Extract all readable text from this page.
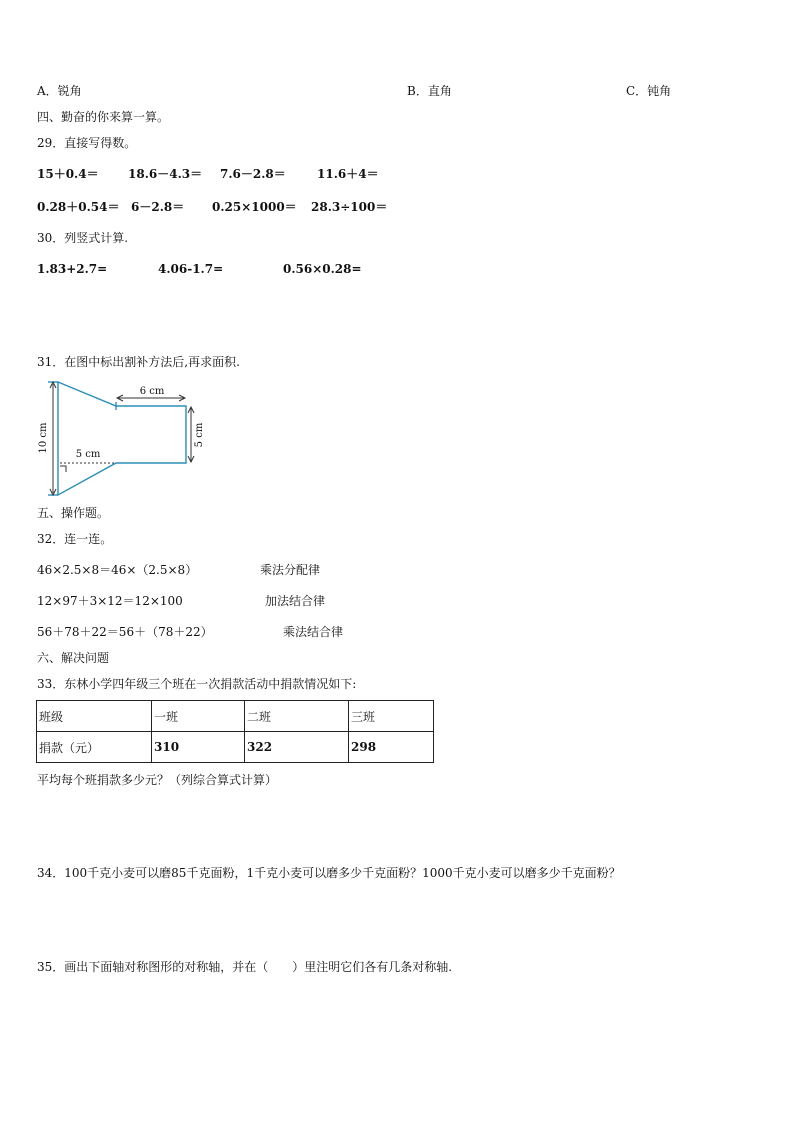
A．锐角	B．直角	C．钝角
四、勤奋的你来算一算。
29．直接写得数。
15＋0.4＝ 18.6－4.3＝ 7.6－2.8＝	11.6＋4＝
0.28＋0.54＝ 6－2.8＝ 0.25×1000＝ 28.3÷100＝
30．列竖式计算.
1.83+2.7=	4.06-1.7=	0.56×0.28=
31．在图中标出割补方法后,再求面积.
6 cm
5 cm
10 cm	5 cm
五、操作题。
32．连一连。
46×2.5×8＝46×（2.5×8）	乘法分配律
12×97＋3×12＝12×100	加法结合律
56＋78＋22＝56＋（78＋22）	乘法结合律
六、解决问题
33．东林小学四年级三个班在一次捐款活动中捐款情况如下:
班级	一班	二班	三班
捐款（元）	310	322	298
平均每个班捐款多少元？（列综合算式计算）
34．100千克小麦可以磨85千克面粉，1千克小麦可以磨多少千克面粉？1000千克小麦可以磨多少千克面粉？
35．画出下面轴对称图形的对称轴，并在（　　）里注明它们各有几条对称轴.
